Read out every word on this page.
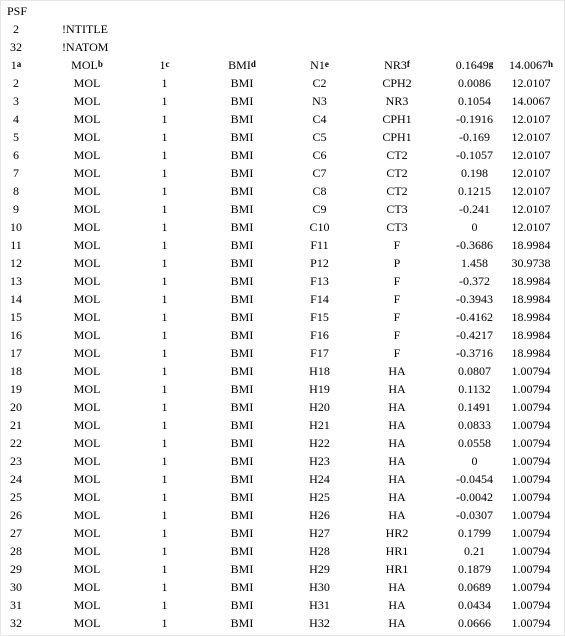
PSF
2	!NTITLE
32	!NATOM
1$^a$	MOL$^b$	1$^c$	BMI$^d$	N1e	NR3$^f$	0.1649$^g$	14.0067$^h$
2	MOL	1	BMI	C2	CPH2	0.0086	12.0107
3	MOL	1	BMI	N3	NR3	0.1054	14.0067
4	MOL	1	BMI	C4	CPH1	-0.1916	12.0107
5	MOL	1	BMI	C5	CPH1	-0.169	12.0107
6	MOL	1	BMI	C6	CT2	-0.1057	12.0107
7	MOL	1	BMI	C7	CT2	0.198	12.0107
8	MOL	1	BMI	C8	CT2	0.1215	12.0107
9	MOL	1	BMI	C9	CT3	-0.241	12.0107
10	MOL	1	BMI	C10	CT3	0	12.0107
11	MOL	1	BMI	F11	F	-0.3686	18.9984
12	MOL	1	BMI	P12	P	1.458	30.9738
13	MOL	1	BMI	F13	F	-0.372	18.9984
14	MOL	1	BMI	F14	F	-0.3943	18.9984
15	MOL	1	BMI	F15	F	-0.4162	18.9984
16	MOL	1	BMI	F16	F	-0.4217	18.9984
17	MOL	1	BMI	F17	F	-0.3716	18.9984
18	MOL	1	BMI	H18	HA	0.0807	1.00794
19	MOL	1	BMI	H19	HA	0.1132	1.00794
20	MOL	1	BMI	H20	HA	0.1491	1.00794
21	MOL	1	BMI	H21	HA	0.0833	1.00794
22	MOL	1	BMI	H22	HA	0.0558	1.00794
23	MOL	1	BMI	H23	HA	0	1.00794
24	MOL	1	BMI	H24	HA	-0.0454	1.00794
25	MOL	1	BMI	H25	HA	-0.0042	1.00794
26	MOL	1	BMI	H26	HA	-0.0307	1.00794
27	MOL	1	BMI	H27	HR2	0.1799	1.00794
28	MOL	1	BMI	H28	HR1	0.21	1.00794
29	MOL	1	BMI	H29	HR1	0.1879	1.00794
30	MOL	1	BMI	H30	HA	0.0689	1.00794
31	MOL	1	BMI	H31	HA	0.0434	1.00794
32	MOL	1	BMI	H32	HA	0.0666	1.00794
